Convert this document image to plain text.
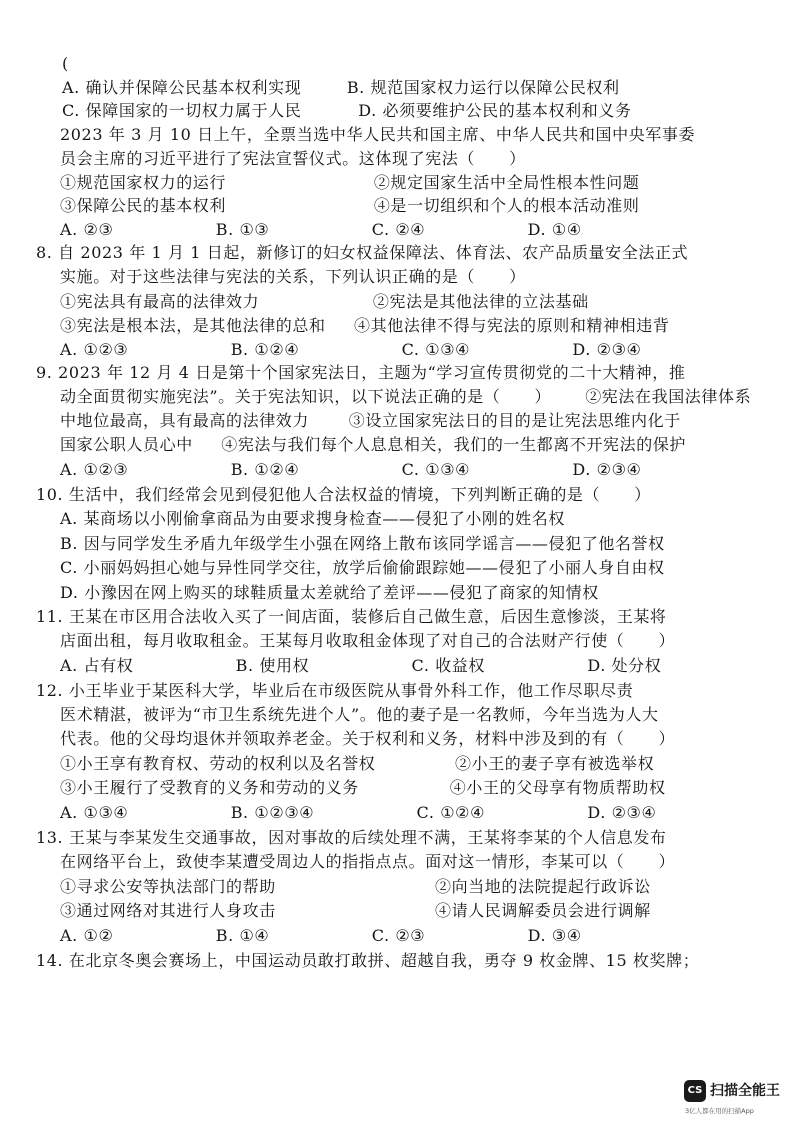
(
A. 确认并保障公民基本权利实现        B. 规范国家权力运行以保障公民权利
C. 保障国家的一切权力属于人民          D. 必须要维护公民的基本权利和义务
2023 年 3 月 10 日上午，全票当选中华人民共和国主席、中华人民共和国中央军事委
员会主席的习近平进行了宪法宣誓仪式。这体现了宪法（      ）
①规范国家权力的运行                          ②规定国家生活中全局性根本性问题
③保障公民的基本权利                          ④是一切组织和个人的根本活动准则
A. ②③                  B. ①③                  C. ②④                  D. ①④
8. 自 2023 年 1 月 1 日起，新修订的妇女权益保障法、体育法、农产品质量安全法正式
实施。对于这些法律与宪法的关系，下列认识正确的是（      ）
①宪法具有最高的法律效力                    ②宪法是其他法律的立法基础
③宪法是根本法，是其他法律的总和     ④其他法律不得与宪法的原则和精神相违背
A. ①②③                  B. ①②④                  C. ①③④                  D. ②③④
9. 2023 年 12 月 4 日是第十个国家宪法日，主题为“学习宣传贯彻党的二十大精神，推
动全面贯彻实施宪法”。关于宪法知识，以下说法正确的是（      ）      ②宪法在我国法律体系
中地位最高，具有最高的法律效力       ③设立国家宪法日的目的是让宪法思维内化于
国家公职人员心中     ④宪法与我们每个人息息相关，我们的一生都离不开宪法的保护
A. ①②③                  B. ①②④                  C. ①③④                  D. ②③④
10. 生活中，我们经常会见到侵犯他人合法权益的情境，下列判断正确的是（      ）
A. 某商场以小刚偷拿商品为由要求搜身检查——侵犯了小刚的姓名权
B. 因与同学发生矛盾九年级学生小强在网络上散布该同学谣言——侵犯了他名誉权
C. 小丽妈妈担心她与异性同学交往，放学后偷偷跟踪她——侵犯了小丽人身自由权
D. 小豫因在网上购买的球鞋质量太差就给了差评——侵犯了商家的知情权
11. 王某在市区用合法收入买了一间店面，装修后自己做生意，后因生意惨淡，王某将
店面出租，每月收取租金。王某每月收取租金体现了对自己的合法财产行使（      ）
A. 占有权                  B. 使用权                  C. 收益权                  D. 处分权
12. 小王毕业于某医科大学，毕业后在市级医院从事骨外科工作，他工作尽职尽责
医术精湛，被评为“市卫生系统先进个人”。他的妻子是一名教师，今年当选为人大
代表。他的父母均退休并领取养老金。关于权利和义务，材料中涉及到的有（      ）
①小王享有教育权、劳动的权利以及名誉权              ②小王的妻子享有被选举权
③小王履行了受教育的义务和劳动的义务                ④小王的父母享有物质帮助权
A. ①③④                  B. ①②③④                  C. ①②④                  D. ②③④
13. 王某与李某发生交通事故，因对事故的后续处理不满，王某将李某的个人信息发布
在网络平台上，致使李某遭受周边人的指指点点。面对这一情形，李某可以（      ）
①寻求公安等执法部门的帮助                            ②向当地的法院提起行政诉讼
③通过网络对其进行人身攻击                            ④请人民调解委员会进行调解
A. ①②                  B. ①④                  C. ②③                  D. ③④
14. 在北京冬奥会赛场上，中国运动员敢打敢拼、超越自我，勇夺 9 枚金牌、15 枚奖牌；
CS 扫描全能王
3亿人都在用的扫描App
